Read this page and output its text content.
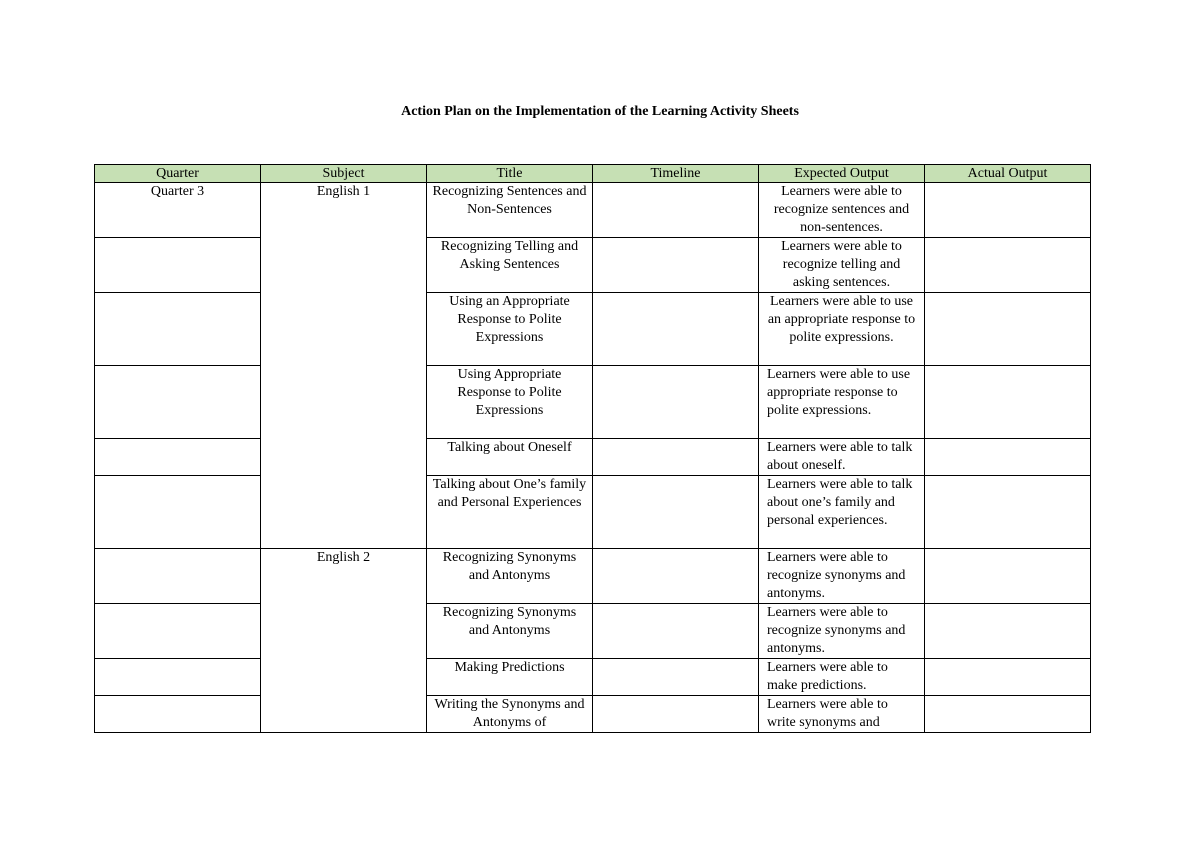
Action Plan on the Implementation of the Learning Activity Sheets
Quarter	Subject	Title	Timeline	Expected Output	Actual Output
Quarter 3	English 1	Recognizing Sentences and Non-Sentences		Learners were able to recognize sentences and non-sentences.	
		Recognizing Telling and Asking Sentences		Learners were able to recognize telling and asking sentences.	
		Using an Appropriate Response to Polite Expressions		Learners were able to use an appropriate response to polite expressions.	
		Using Appropriate Response to Polite Expressions		Learners were able to use appropriate response to polite expressions.	
		Talking about Oneself		Learners were able to talk about oneself.	
		Talking about One’s family and Personal Experiences		Learners were able to talk about one’s family and personal experiences.	
	English 2	Recognizing Synonyms and Antonyms		Learners were able to recognize synonyms and antonyms.	
		Recognizing Synonyms and Antonyms		Learners were able to recognize synonyms and antonyms.	
		Making Predictions		Learners were able to make predictions.	
		Writing the Synonyms and Antonyms of		Learners were able to write synonyms and	
